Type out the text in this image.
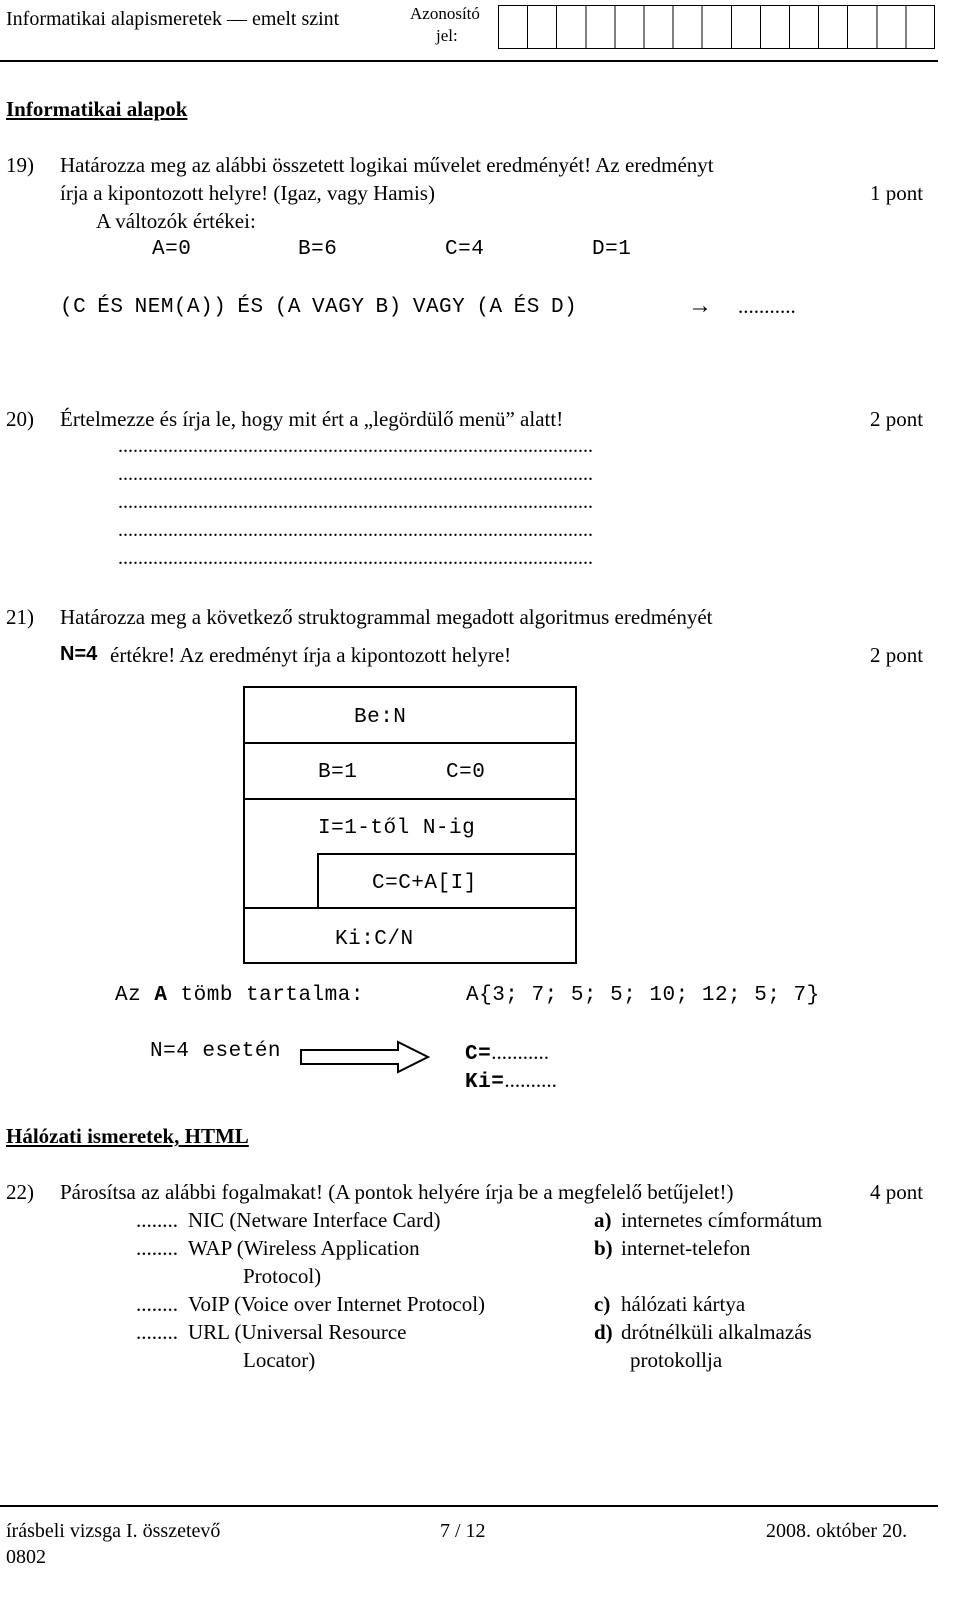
Informatikai alapismeretek — emelt szint	Azonosító
jel:
Informatikai alapok
19) Határozza meg az alábbi összetett logikai művelet eredményét! Az eredményt
írja a kipontozott helyre! (Igaz, vagy Hamis)	1 pont
A változók értékei:
A=0	B=6	C=4	D=1
(C ÉS NEM(A)) ÉS (A VAGY B) VAGY (A ÉS D)	→ ...........
20) Értelmezze és írja le, hogy mit ért a „legördülő menü” alatt!	2 pont
...............................................................................................
...............................................................................................
...............................................................................................
...............................................................................................
...............................................................................................
21) Határozza meg a következő struktogrammal megadott algoritmus eredményét
N=4 értékre! Az eredményt írja a kipontozott helyre!	2 pont
Be:N
B=1	C=0
I=1-től N-ig
C=C+A[I]
Ki:C/N
Az A tömb tartalma:	A{3; 7; 5; 5; 10; 12; 5; 7}
N=4 esetén	C=...........
Ki=..........
Hálózati ismeretek, HTML
22) Párosítsa az alábbi fogalmakat! (A pontok helyére írja be a megfelelő betűjelet!)	4 pont
........ NIC (Netware Interface Card)
........ WAP (Wireless Application
Protocol)
........ VoIP (Voice over Internet Protocol)
........ URL (Universal Resource
Locator)
a) internetes címformátum
b) internet-telefon
c) hálózati kártya
d) drótnélküli alkalmazás
protokollja
írásbeli vizsga I. összetevő
0802
7 / 12	2008. október 20.
